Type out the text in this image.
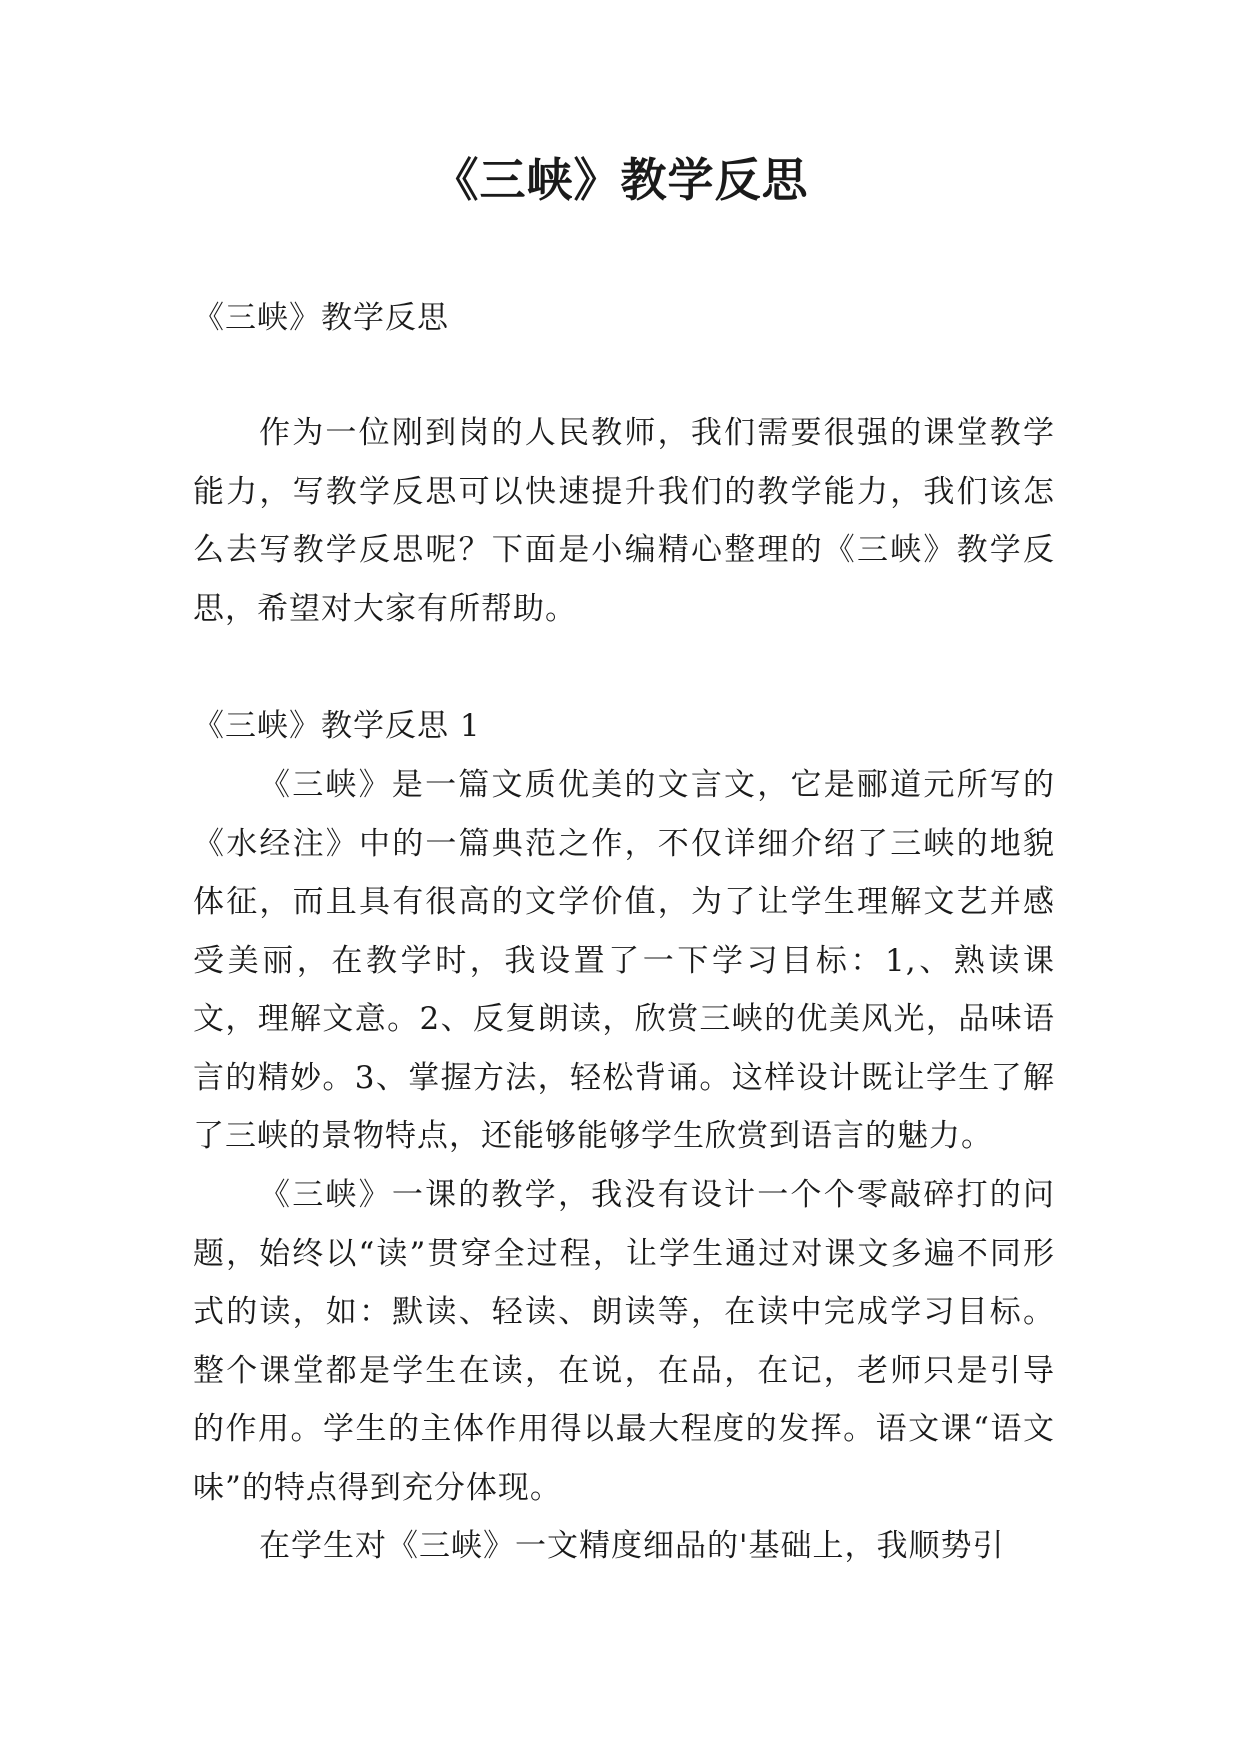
《三峡》教学反思

《三峡》教学反思

作为一位刚到岗的人民教师，我们需要很强的课堂教学能力，写教学反思可以快速提升我们的教学能力，我们该怎么去写教学反思呢？下面是小编精心整理的《三峡》教学反思，希望对大家有所帮助。

《三峡》教学反思 1

《三峡》是一篇文质优美的文言文，它是郦道元所写的《水经注》中的一篇典范之作，不仅详细介绍了三峡的地貌体征，而且具有很高的文学价值，为了让学生理解文艺并感受美丽，在教学时，我设置了一下学习目标：1,、熟读课文，理解文意。2、反复朗读，欣赏三峡的优美风光，品味语言的精妙。3、掌握方法，轻松背诵。这样设计既让学生了解了三峡的景物特点，还能够能够学生欣赏到语言的魅力。

《三峡》一课的教学，我没有设计一个个零敲碎打的问题，始终以“读”贯穿全过程，让学生通过对课文多遍不同形式的读，如：默读、轻读、朗读等，在读中完成学习目标。整个课堂都是学生在读，在说，在品，在记，老师只是引导的作用。学生的主体作用得以最大程度的发挥。语文课“语文味”的特点得到充分体现。

在学生对《三峡》一文精度细品的'基础上，我顺势引
